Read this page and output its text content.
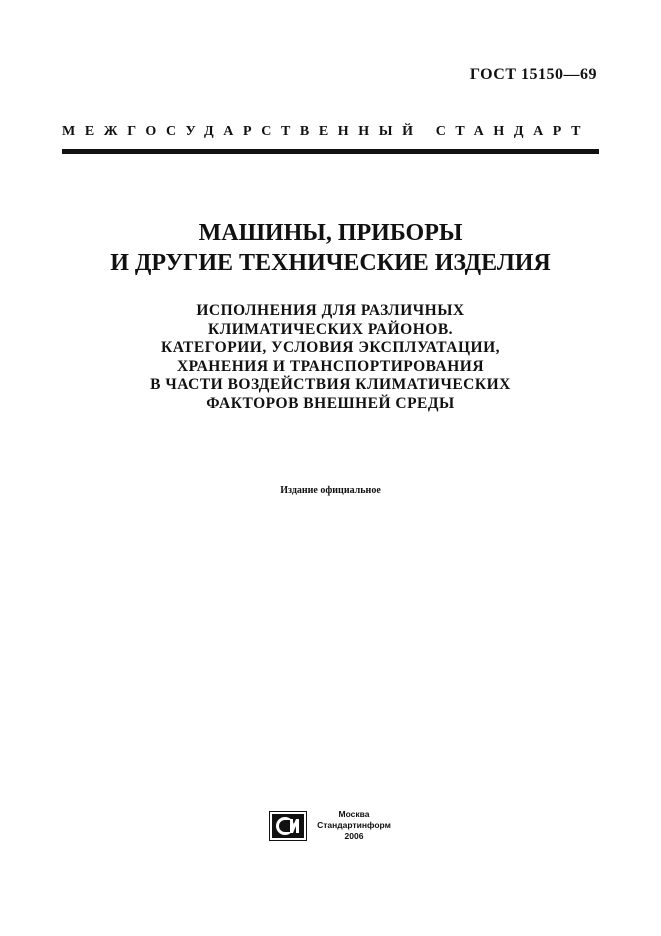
ГОСТ 15150—69
МЕЖГОСУДАРСТВЕННЫЙ СТАНДАРТ
МАШИНЫ, ПРИБОРЫ
И ДРУГИЕ ТЕХНИЧЕСКИЕ ИЗДЕЛИЯ
ИСПОЛНЕНИЯ ДЛЯ РАЗЛИЧНЫХ
КЛИМАТИЧЕСКИХ РАЙОНОВ.
КАТЕГОРИИ, УСЛОВИЯ ЭКСПЛУАТАЦИИ,
ХРАНЕНИЯ И ТРАНСПОРТИРОВАНИЯ
В ЧАСТИ ВОЗДЕЙСТВИЯ КЛИМАТИЧЕСКИХ
ФАКТОРОВ ВНЕШНЕЙ СРЕДЫ
Издание официальное
Москва
Стандартинформ
2006
